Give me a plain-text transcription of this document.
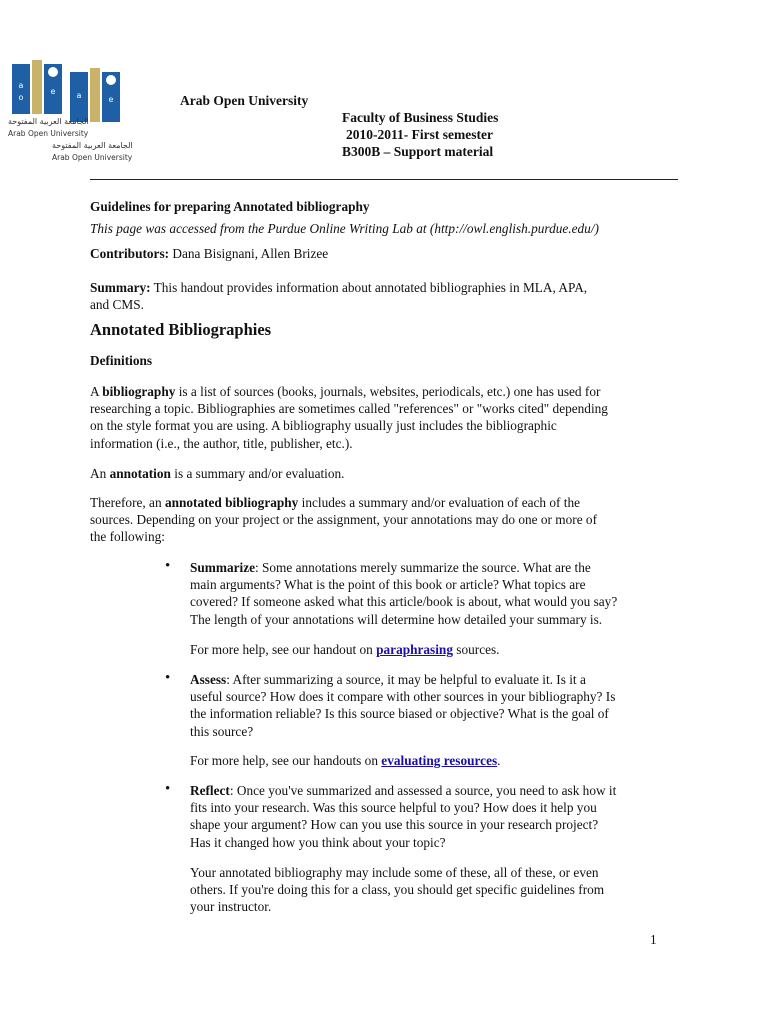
a
o
e	a	e
الجامعة العربية المفتوحة
Arab Open University
الجامعة العربية المفتوحة
Arab Open University
Arab Open University
Faculty of Business Studies
2010-2011- First semester
B300B – Support material
Guidelines for preparing Annotated bibliography
This page was accessed from the Purdue Online Writing Lab at (http://owl.english.purdue.edu/)
Contributors: Dana Bisignani, Allen Brizee
Summary: This handout provides information about annotated bibliographies in MLA, APA,
and CMS.
Annotated Bibliographies
Definitions
A bibliography is a list of sources (books, journals, websites, periodicals, etc.) one has used for
researching a topic. Bibliographies are sometimes called "references" or "works cited" depending
on the style format you are using. A bibliography usually just includes the bibliographic
information (i.e., the author, title, publisher, etc.).
An annotation is a summary and/or evaluation.
Therefore, an annotated bibliography includes a summary and/or evaluation of each of the
sources. Depending on your project or the assignment, your annotations may do one or more of
the following:
• Summarize: Some annotations merely summarize the source. What are the
main arguments? What is the point of this book or article? What topics are
covered? If someone asked what this article/book is about, what would you say?
The length of your annotations will determine how detailed your summary is.
For more help, see our handout on paraphrasing sources.
• Assess: After summarizing a source, it may be helpful to evaluate it. Is it a
useful source? How does it compare with other sources in your bibliography? Is
the information reliable? Is this source biased or objective? What is the goal of
this source?
For more help, see our handouts on evaluating resources.
• Reflect: Once you've summarized and assessed a source, you need to ask how it
fits into your research. Was this source helpful to you? How does it help you
shape your argument? How can you use this source in your research project?
Has it changed how you think about your topic?
Your annotated bibliography may include some of these, all of these, or even
others. If you're doing this for a class, you should get specific guidelines from
your instructor.
1
